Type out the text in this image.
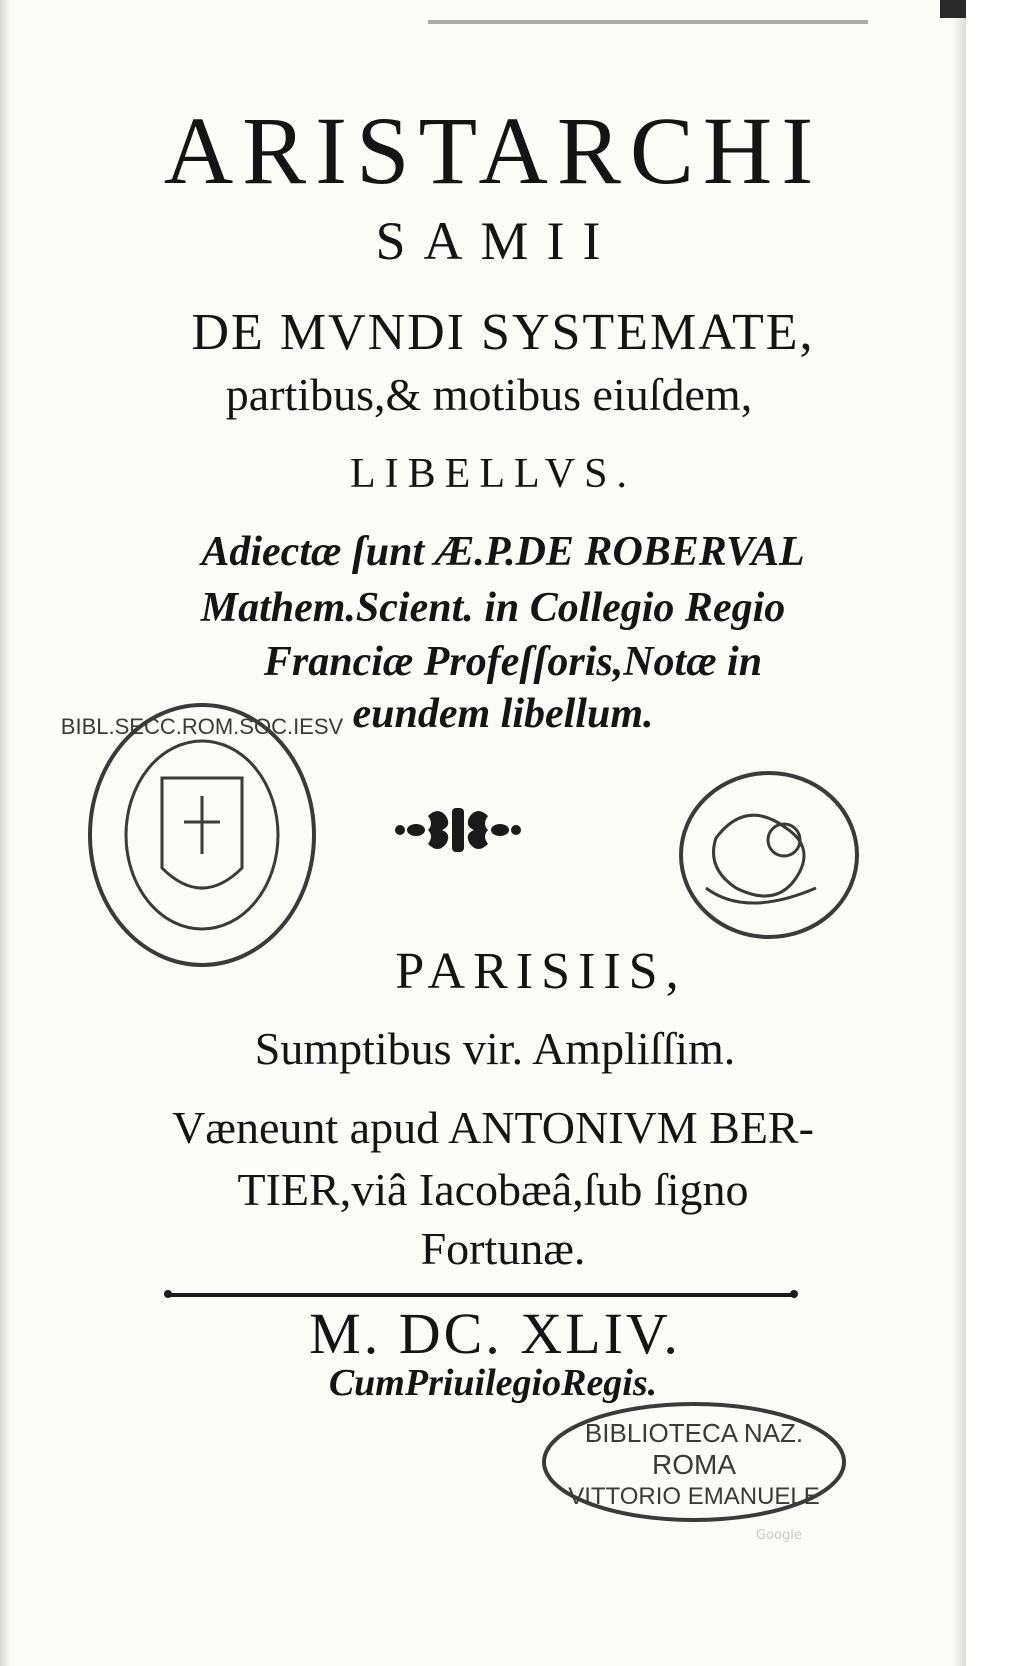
ARISTARCHI
SAMII
DE MVNDI SYSTEMATE,
partibus,& motibus eiuſdem,
LIBELLVS.
Adiectæ ſunt Æ.P.DE ROBERVAL
Mathem.Scient. in Collegio Regio
Franciæ Profeſſoris,Notæ in
eundem libellum.
BIBL.SECC.ROM.SOC.IESV
PARISIIS,
Sumptibus vir. Ampliſſim.
Væneunt apud ANTONIVM BER-
TIER,viâ Iacobæâ,ſub ſigno
Fortunæ.
M. DC. XLIV.
CumPriuilegioRegis.
BIBLIOTECA NAZ.
ROMA
VITTORIO EMANUELE
Google
